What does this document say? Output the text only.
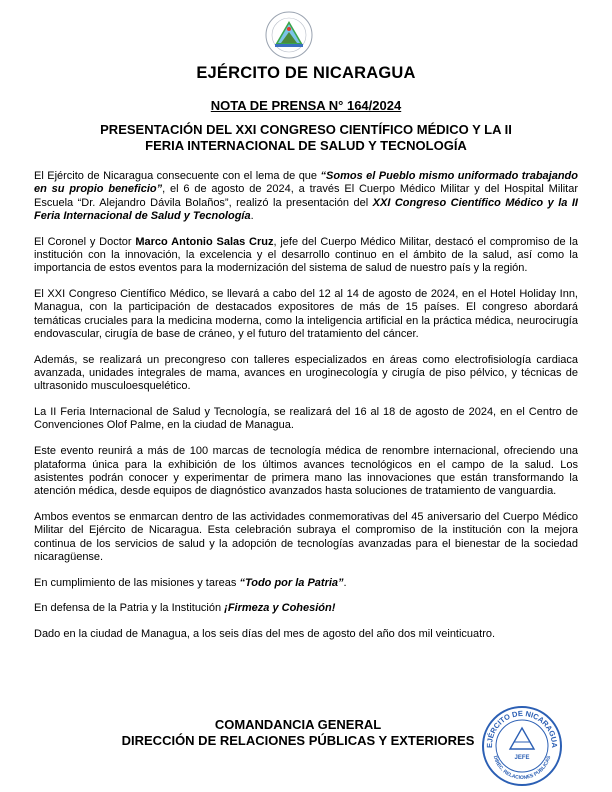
EJÉRCITO DE NICARAGUA
NOTA DE PRENSA N° 164/2024
PRESENTACIÓN DEL XXI CONGRESO CIENTÍFICO MÉDICO Y LA II
FERIA INTERNACIONAL DE SALUD Y TECNOLOGÍA

El Ejército de Nicaragua consecuente con el lema de que “Somos el Pueblo mismo uniformado trabajando en su propio beneficio”, el 6 de agosto de 2024, a través El Cuerpo Médico Militar y del Hospital Militar Escuela “Dr. Alejandro Dávila Bolaños”, realizó la presentación del XXI Congreso Científico Médico y la II Feria Internacional de Salud y Tecnología.

El Coronel y Doctor Marco Antonio Salas Cruz, jefe del Cuerpo Médico Militar, destacó el compromiso de la institución con la innovación, la excelencia y el desarrollo continuo en el ámbito de la salud, así como la importancia de estos eventos para la modernización del sistema de salud de nuestro país y la región.

El XXI Congreso Científico Médico, se llevará a cabo del 12 al 14 de agosto de 2024, en el Hotel Holiday Inn, Managua, con la participación de destacados expositores de más de 15 países. El congreso abordará temáticas cruciales para la medicina moderna, como la inteligencia artificial en la práctica médica, neurocirugía endovascular, cirugía de base de cráneo, y el futuro del tratamiento del cáncer.

Además, se realizará un precongreso con talleres especializados en áreas como electrofisiología cardiaca avanzada, unidades integrales de mama, avances en uroginecología y cirugía de piso pélvico, y técnicas de ultrasonido musculoesquelético.

La II Feria Internacional de Salud y Tecnología, se realizará del 16 al 18 de agosto de 2024, en el Centro de Convenciones Olof Palme, en la ciudad de Managua.

Este evento reunirá a más de 100 marcas de tecnología médica de renombre internacional, ofreciendo una plataforma única para la exhibición de los últimos avances tecnológicos en el campo de la salud. Los asistentes podrán conocer y experimentar de primera mano las innovaciones que están transformando la atención médica, desde equipos de diagnóstico avanzados hasta soluciones de tratamiento de vanguardia.

Ambos eventos se enmarcan dentro de las actividades conmemorativas del 45 aniversario del Cuerpo Médico Militar del Ejército de Nicaragua. Esta celebración subraya el compromiso de la institución con la mejora continua de los servicios de salud y la adopción de tecnologías avanzadas para el bienestar de la sociedad nicaragüense.

En cumplimiento de las misiones y tareas “Todo por la Patria”.

En defensa de la Patria y la Institución ¡Firmeza y Cohesión!

Dado en la ciudad de Managua, a los seis días del mes de agosto del año dos mil veinticuatro.

COMANDANCIA GENERAL
DIRECCIÓN DE RELACIONES PÚBLICAS Y EXTERIORES	EJÉRCITO DE NICARAGUA
DIREC. RELACIONES PÚBLICAS
JEFE
